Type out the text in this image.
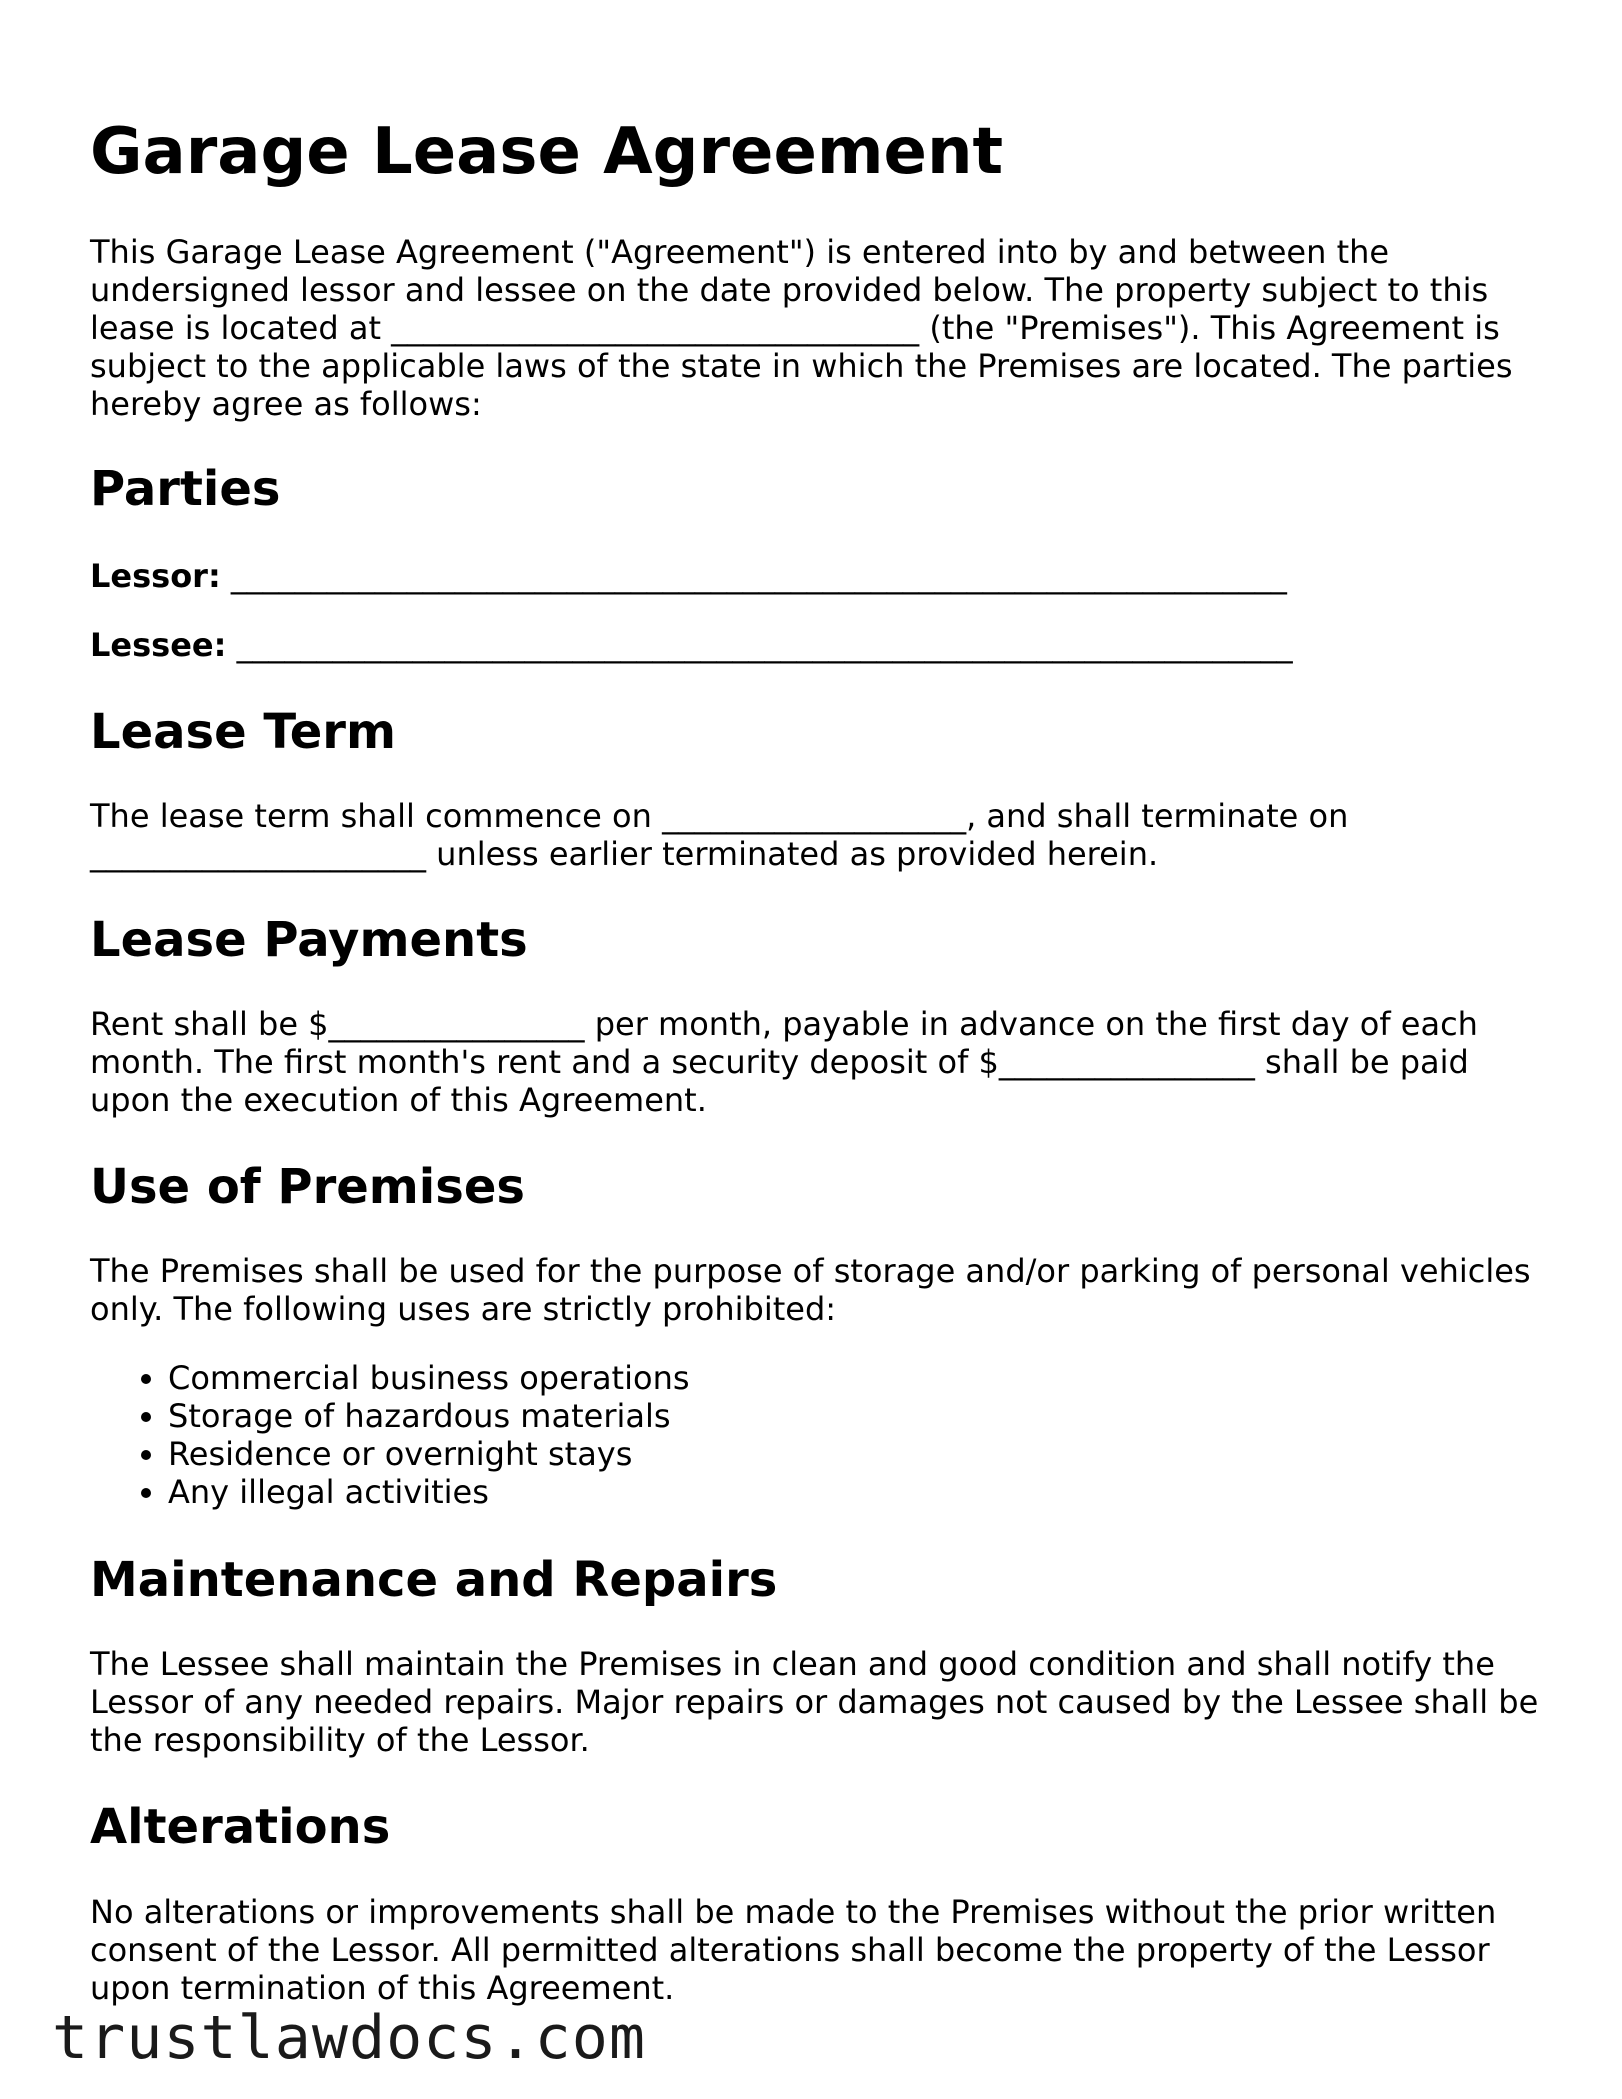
Garage Lease Agreement

This Garage Lease Agreement ("Agreement") is entered into by and between the undersigned lessor and lessee on the date provided below. The property subject to this lease is located at _________________________________ (the "Premises"). This Agreement is subject to the applicable laws of the state in which the Premises are located. The parties hereby agree as follows:

Parties
Lessor: __________________________________________________________________
Lessee: __________________________________________________________________
Lease Term

The lease term shall commence on ___________________, and shall terminate on _____________________ unless earlier terminated as provided herein.

Lease Payments

Rent shall be $________________ per month, payable in advance on the first day of each month. The first month's rent and a security deposit of $________________ shall be paid upon the execution of this Agreement.

Use of Premises

The Premises shall be used for the purpose of storage and/or parking of personal vehicles only. The following uses are strictly prohibited:

• Commercial business operations
• Storage of hazardous materials
• Residence or overnight stays
• Any illegal activities
Maintenance and Repairs

The Lessee shall maintain the Premises in clean and good condition and shall notify the Lessor of any needed repairs. Major repairs or damages not caused by the Lessee shall be the responsibility of the Lessor.

Alterations

No alterations or improvements shall be made to the Premises without the prior written consent of the Lessor. All permitted alterations shall become the property of the Lessor upon termination of this Agreement.

trustlawdocs.com
